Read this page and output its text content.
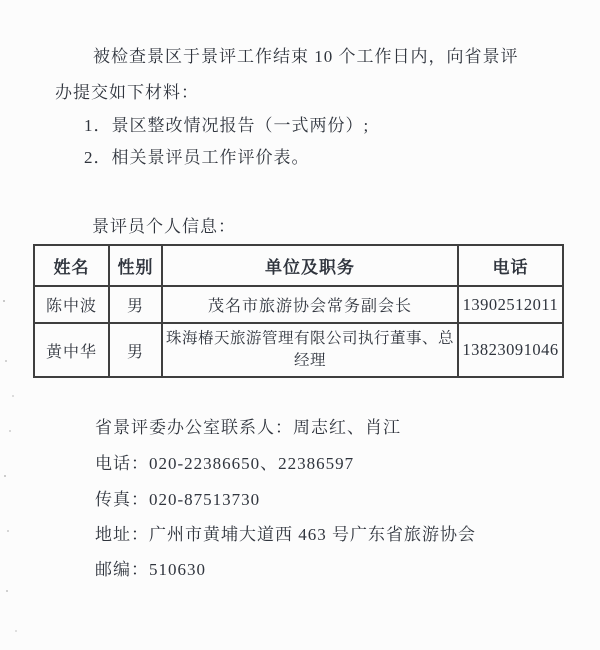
被检查景区于景评工作结束 10 个工作日内，向省景评
办提交如下材料：
1．景区整改情况报告（一式两份）;
2．相关景评员工作评价表。
景评员个人信息：
姓名	性别	单位及职务	电话
陈中波	男	茂名市旅游协会常务副会长	13902512011
黄中华	男	珠海椿天旅游管理有限公司执行董事、总经理	13823091046
省景评委办公室联系人：周志红、肖江
电话：020-22386650、22386597
传真：020-87513730
地址：广州市黄埔大道西 463 号广东省旅游协会
邮编：510630
